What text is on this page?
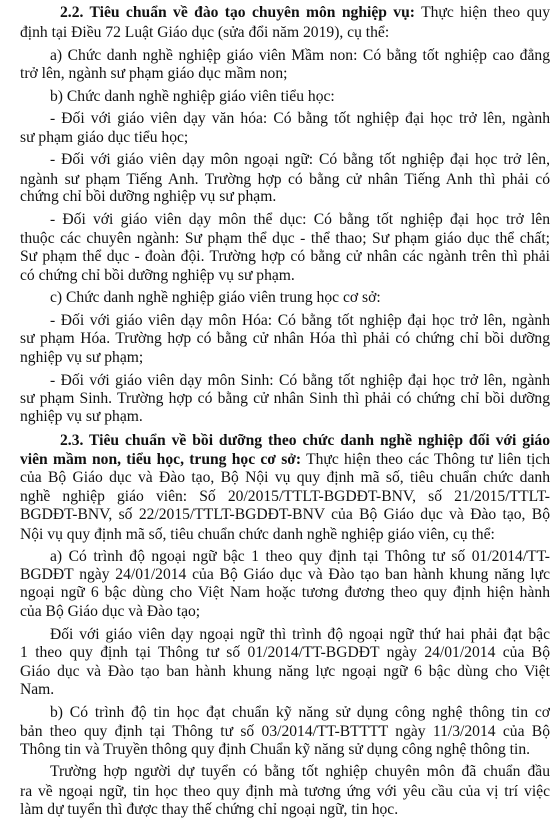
2.2. Tiêu chuẩn về đào tạo chuyên môn nghiệp vụ: Thực hiện theo quy
định tại Điều 72 Luật Giáo dục (sửa đổi năm 2019), cụ thể:
a) Chức danh nghề nghiệp giáo viên Mầm non: Có bằng tốt nghiệp cao đẳng
trở lên, ngành sư phạm giáo dục mầm non;
b) Chức danh nghề nghiệp giáo viên tiểu học:
- Đối với giáo viên dạy văn hóa: Có bằng tốt nghiệp đại học trở lên, ngành
sư phạm giáo dục tiểu học;
- Đối với giáo viên dạy môn ngoại ngữ: Có bằng tốt nghiệp đại học trở lên,
ngành sư phạm Tiếng Anh. Trường hợp có bằng cử nhân Tiếng Anh thì phải có
chứng chỉ bồi dưỡng nghiệp vụ sư phạm.
- Đối với giáo viên dạy môn thể dục: Có bằng tốt nghiệp đại học trở lên
thuộc các chuyên ngành: Sư phạm thể dục - thể thao; Sư phạm giáo dục thể chất;
Sư phạm thể dục - đoàn đội. Trường hợp có bằng cử nhân các ngành trên thì phải
có chứng chỉ bồi dưỡng nghiệp vụ sư phạm.
c) Chức danh nghề nghiệp giáo viên trung học cơ sở:
- Đối với giáo viên dạy môn Hóa: Có bằng tốt nghiệp đại học trở lên, ngành
sư phạm Hóa. Trường hợp có bằng cử nhân Hóa thì phải có chứng chỉ bồi dưỡng
nghiệp vụ sư phạm;
- Đối với giáo viên dạy môn Sinh: Có bằng tốt nghiệp đại học trở lên, ngành
sư phạm Sinh. Trường hợp có bằng cử nhân Sinh thì phải có chứng chỉ bồi dưỡng
nghiệp vụ sư phạm.
2.3. Tiêu chuẩn về bồi dưỡng theo chức danh nghề nghiệp đối với giáo
viên mầm non, tiểu học, trung học cơ sở: Thực hiện theo các Thông tư liên tịch
của Bộ Giáo dục và Đào tạo, Bộ Nội vụ quy định mã số, tiêu chuẩn chức danh
nghề nghiệp giáo viên: Số 20/2015/TTLT-BGDĐT-BNV, số 21/2015/TTLT-
BGDĐT-BNV, số 22/2015/TTLT-BGDĐT-BNV của Bộ Giáo dục và Đào tạo, Bộ
Nội vụ quy định mã số, tiêu chuẩn chức danh nghề nghiệp giáo viên, cụ thể:
a) Có trình độ ngoại ngữ bậc 1 theo quy định tại Thông tư số 01/2014/TT-
BGDĐT ngày 24/01/2014 của Bộ Giáo dục và Đào tạo ban hành khung năng lực
ngoại ngữ 6 bậc dùng cho Việt Nam hoặc tương đương theo quy định hiện hành
của Bộ Giáo dục và Đào tạo;
Đối với giáo viên dạy ngoại ngữ thì trình độ ngoại ngữ thứ hai phải đạt bậc
1 theo quy định tại Thông tư số 01/2014/TT-BGDĐT ngày 24/01/2014 của Bộ
Giáo dục và Đào tạo ban hành khung năng lực ngoại ngữ 6 bậc dùng cho Việt
Nam.
b) Có trình độ tin học đạt chuẩn kỹ năng sử dụng công nghệ thông tin cơ
bản theo quy định tại Thông tư số 03/2014/TT-BTTTT ngày 11/3/2014 của Bộ
Thông tin và Truyền thông quy định Chuẩn kỹ năng sử dụng công nghệ thông tin.
Trường hợp người dự tuyển có bằng tốt nghiệp chuyên môn đã chuẩn đầu
ra về ngoại ngữ, tin học theo quy định mà tương ứng với yêu cầu của vị trí việc
làm dự tuyển thì được thay thế chứng chỉ ngoại ngữ, tin học.
